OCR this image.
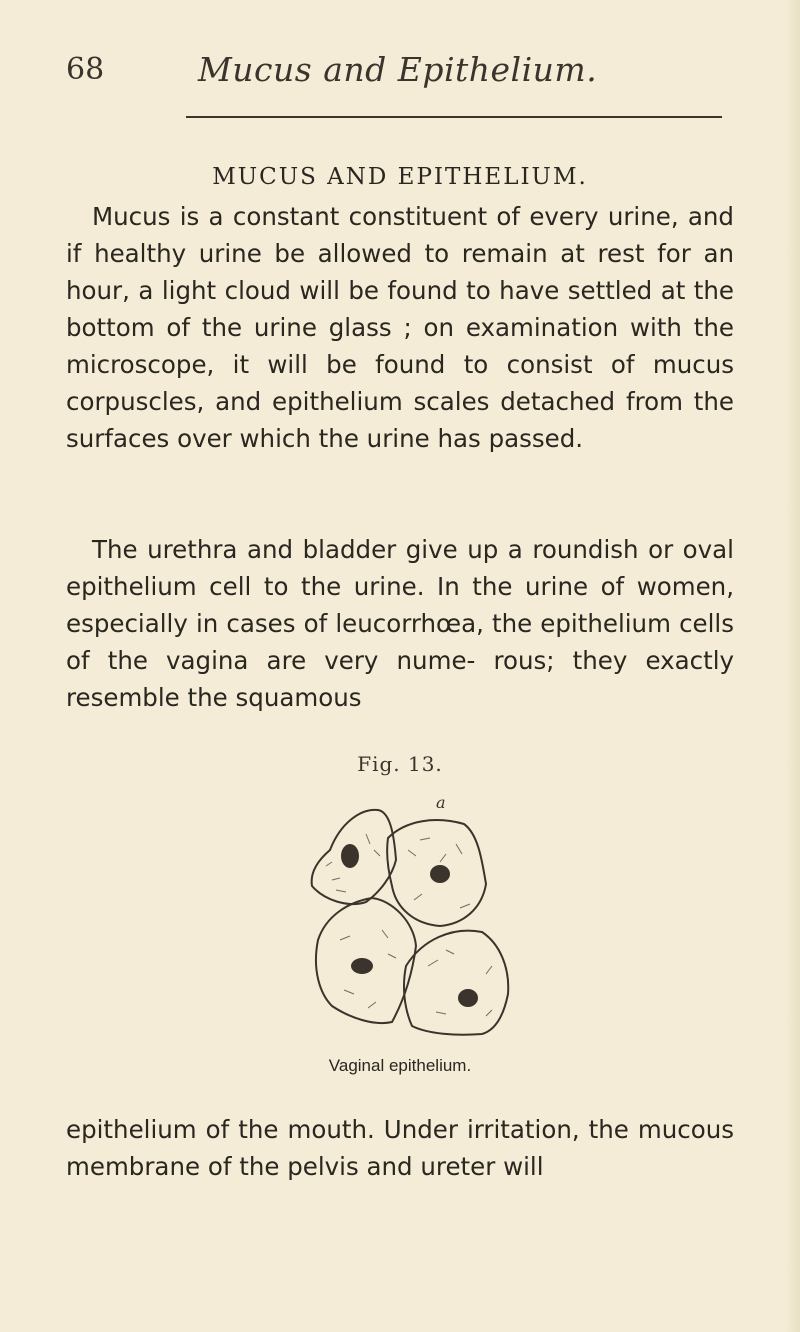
68	Mucus and Epithelium.
MUCUS AND EPITHELIUM.

Mucus is a constant constituent of every urine, and if healthy urine be allowed to remain at rest for an hour, a light cloud will be found to have settled at the bottom of the urine glass ; on examination with the microscope, it will be found to consist of mucus corpuscles, and epithelium scales detached from the surfaces over which the urine has passed.

The urethra and bladder give up a roundish or oval epithelium cell to the urine. In the urine of women, especially in cases of leucorrhœa, the epithelium cells of the vagina are very nume- rous; they exactly resemble the squamous

Fig. 13.
a
Vaginal epithelium.

epithelium of the mouth. Under irritation, the mucous membrane of the pelvis and ureter will
